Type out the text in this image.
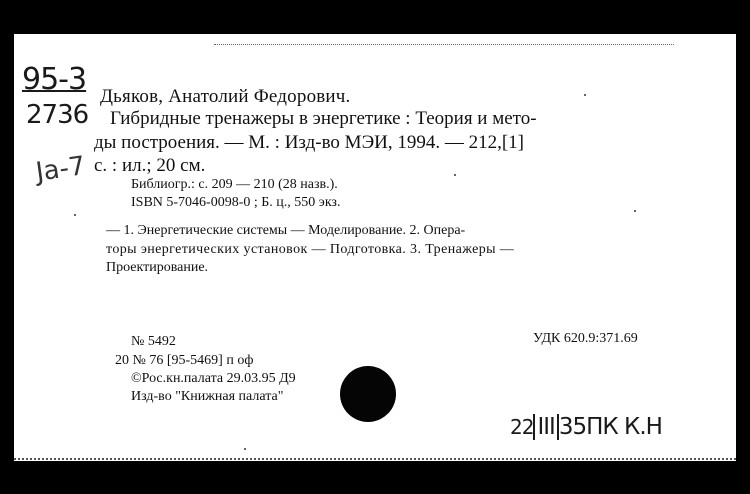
95-3
2736
Ja-7
Дьяков, Анатолий Федорович.
Гибридные тренажеры в энергетике : Теория и мето-
ды построения. — М. : Изд-во МЭИ, 1994. — 212,[1]
с. : ил.; 20 см.
Библиогр.: с. 209 — 210 (28 назв.).
ISBN 5-7046-0098-0 ; Б. ц., 550 экз.
— 1. Энергетические системы — Моделирование. 2. Опера-
торы энергетических установок — Подготовка. 3. Тренажеры —
Проектирование.
№ 5492	УДК 620.9:371.69
20 № 76 [95-5469] п оф
©Рос.кн.палата 29.03.95 Д9
Изд-во "Книжная палата"
22 III 35ПК К.Н
